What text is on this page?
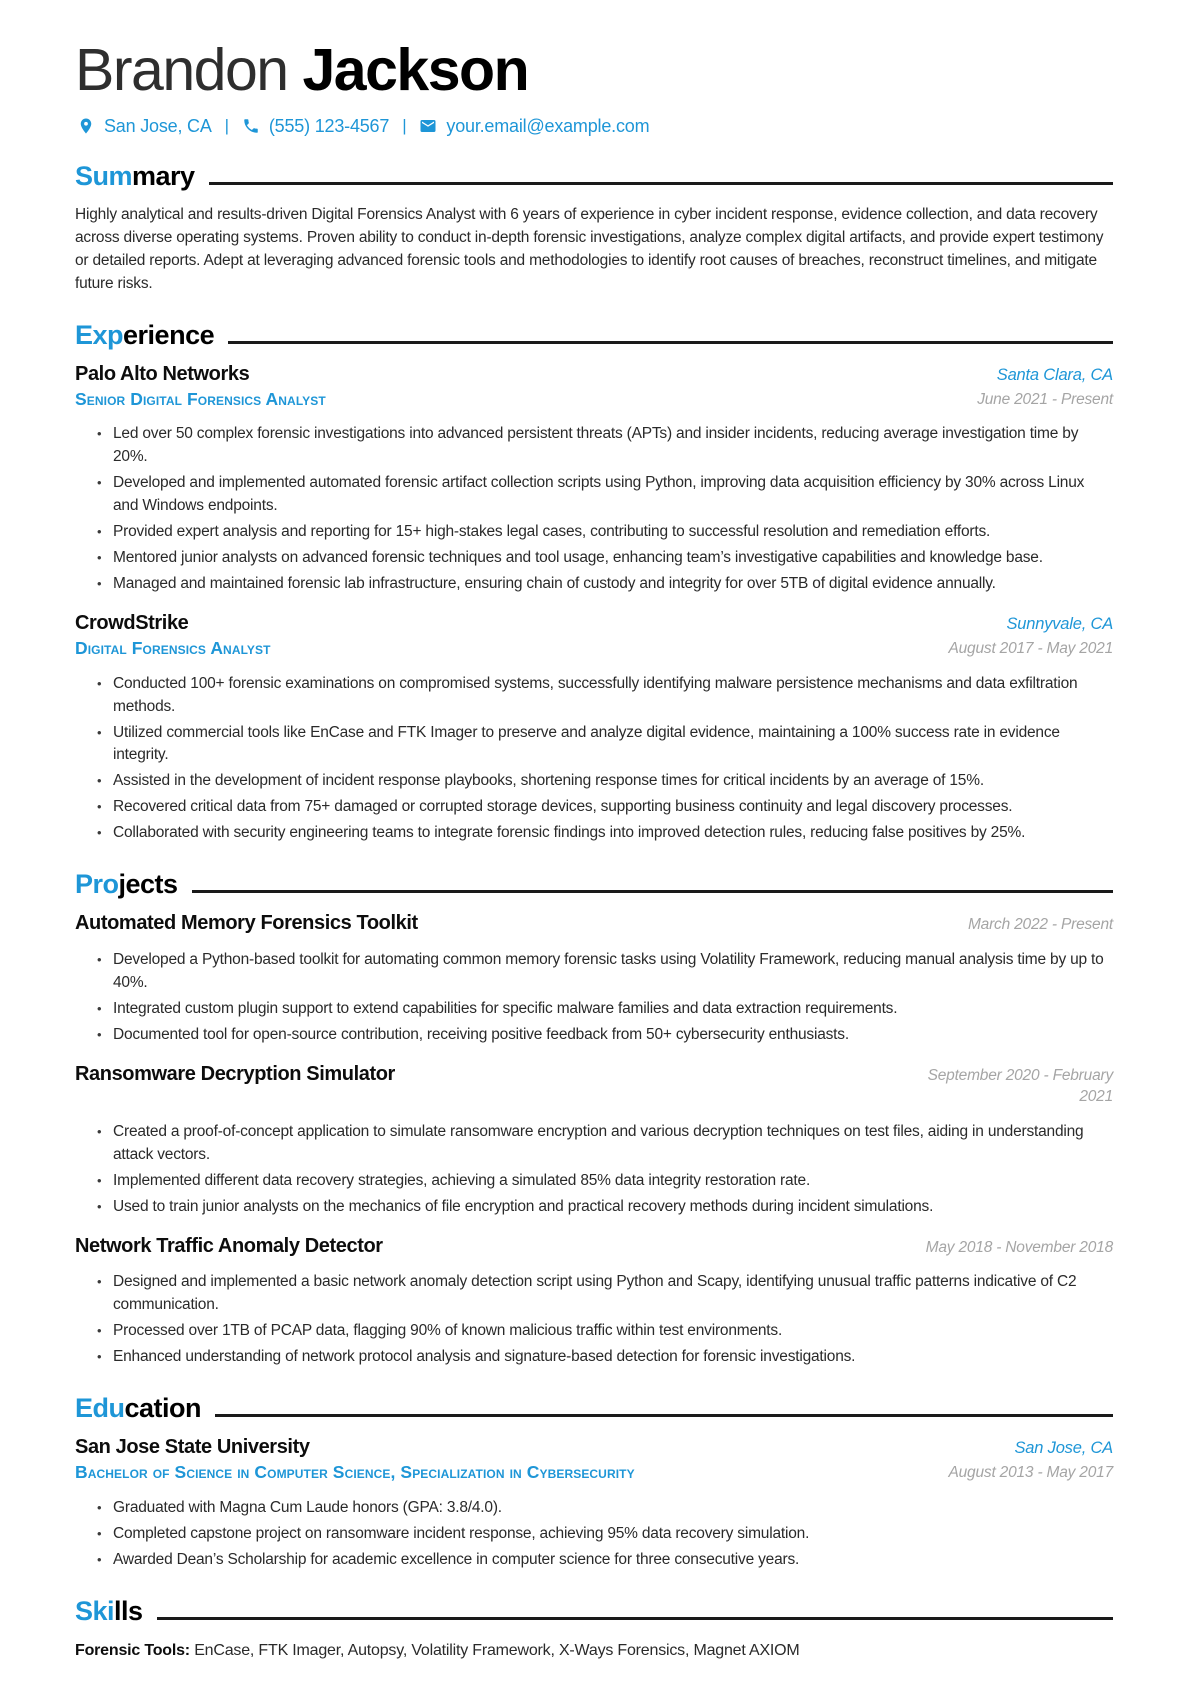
Brandon Jackson
San Jose, CA | (555) 123-4567 | your.email@example.com
Sum mary

Highly analytical and results-driven Digital Forensics Analyst with 6 years of experience in cyber incident response, evidence collection, and data recovery across diverse operating systems. Proven ability to conduct in-depth forensic investigations, analyze complex digital artifacts, and provide expert testimony or detailed reports. Adept at leveraging advanced forensic tools and methodologies to identify root causes of breaches, reconstruct timelines, and mitigate future risks.

Exp erience
Palo Alto Networks	Santa Clara, CA
Senior Digital Forensics Analyst	June 2021 - Present
• Led over 50 complex forensic investigations into advanced persistent threats (APTs) and insider incidents, reducing average investigation time by 20%.
• Developed and implemented automated forensic artifact collection scripts using Python, improving data acquisition efficiency by 30% across Linux and Windows endpoints.
• Provided expert analysis and reporting for 15+ high-stakes legal cases, contributing to successful resolution and remediation efforts.
• Mentored junior analysts on advanced forensic techniques and tool usage, enhancing team’s investigative capabilities and knowledge base.
• Managed and maintained forensic lab infrastructure, ensuring chain of custody and integrity for over 5TB of digital evidence annually.
CrowdStrike	Sunnyvale, CA
Digital Forensics Analyst	August 2017 - May 2021
• Conducted 100+ forensic examinations on compromised systems, successfully identifying malware persistence mechanisms and data exfiltration methods.
• Utilized commercial tools like EnCase and FTK Imager to preserve and analyze digital evidence, maintaining a 100% success rate in evidence integrity.
• Assisted in the development of incident response playbooks, shortening response times for critical incidents by an average of 15%.
• Recovered critical data from 75+ damaged or corrupted storage devices, supporting business continuity and legal discovery processes.
• Collaborated with security engineering teams to integrate forensic findings into improved detection rules, reducing false positives by 25%.
Pro jects
Automated Memory Forensics Toolkit	March 2022 - Present
• Developed a Python-based toolkit for automating common memory forensic tasks using Volatility Framework, reducing manual analysis time by up to 40%.
• Integrated custom plugin support to extend capabilities for specific malware families and data extraction requirements.
• Documented tool for open-source contribution, receiving positive feedback from 50+ cybersecurity enthusiasts.
Ransomware Decryption Simulator	September 2020 - February 2021
• Created a proof-of-concept application to simulate ransomware encryption and various decryption techniques on test files, aiding in understanding attack vectors.
• Implemented different data recovery strategies, achieving a simulated 85% data integrity restoration rate.
• Used to train junior analysts on the mechanics of file encryption and practical recovery methods during incident simulations.
Network Traffic Anomaly Detector	May 2018 - November 2018
• Designed and implemented a basic network anomaly detection script using Python and Scapy, identifying unusual traffic patterns indicative of C2 communication.
• Processed over 1TB of PCAP data, flagging 90% of known malicious traffic within test environments.
• Enhanced understanding of network protocol analysis and signature-based detection for forensic investigations.
Edu cation
San Jose State University	San Jose, CA
Bachelor of Science in Computer Science, Specialization in Cybersecurity	August 2013 - May 2017
• Graduated with Magna Cum Laude honors (GPA: 3.8/4.0).
• Completed capstone project on ransomware incident response, achieving 95% data recovery simulation.
• Awarded Dean’s Scholarship for academic excellence in computer science for three consecutive years.
Ski lls

Forensic Tools: EnCase, FTK Imager, Autopsy, Volatility Framework, X-Ways Forensics, Magnet AXIOM
